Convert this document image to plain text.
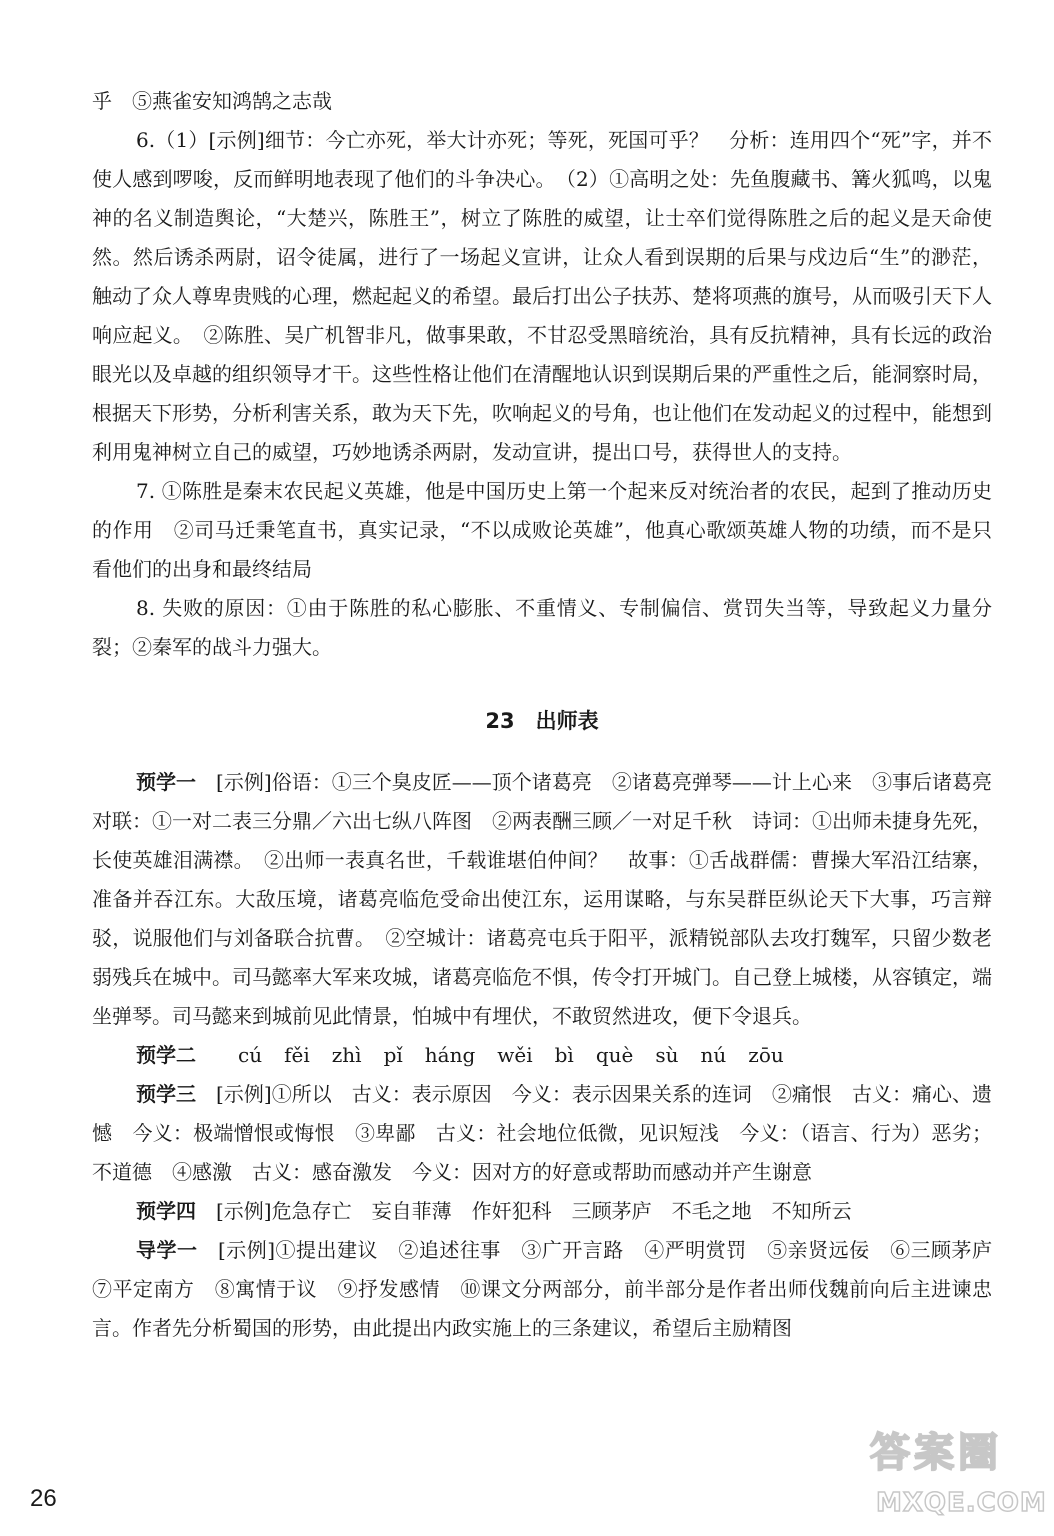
乎　⑤燕雀安知鸿鹄之志哉

6.（1）[示例]细节：今亡亦死，举大计亦死；等死，死国可乎？　分析：连用四个“死”字，并不使人感到啰唆，反而鲜明地表现了他们的斗争决心。　（2）①高明之处：先鱼腹藏书、篝火狐鸣，以鬼神的名义制造舆论，“大楚兴，陈胜王”，树立了陈胜的威望，让士卒们觉得陈胜之后的起义是天命使然。然后诱杀两尉，诏令徒属，进行了一场起义宣讲，让众人看到误期的后果与戍边后“生”的渺茫，触动了众人尊卑贵贱的心理，燃起起义的希望。最后打出公子扶苏、楚将项燕的旗号，从而吸引天下人响应起义。　②陈胜、吴广机智非凡，做事果敢，不甘忍受黑暗统治，具有反抗精神，具有长远的政治眼光以及卓越的组织领导才干。这些性格让他们在清醒地认识到误期后果的严重性之后，能洞察时局，根据天下形势，分析利害关系，敢为天下先，吹响起义的号角，也让他们在发动起义的过程中，能想到利用鬼神树立自己的威望，巧妙地诱杀两尉，发动宣讲，提出口号，获得世人的支持。

7. ①陈胜是秦末农民起义英雄，他是中国历史上第一个起来反对统治者的农民，起到了推动历史的作用　②司马迁秉笔直书，真实记录，“不以成败论英雄”，他真心歌颂英雄人物的功绩，而不是只看他们的出身和最终结局

8. 失败的原因：①由于陈胜的私心膨胀、不重情义、专制偏信、赏罚失当等，导致起义力量分裂；②秦军的战斗力强大。

23　出师表

预学一　 [示例]俗语：①三个臭皮匠——顶个诸葛亮　②诸葛亮弹琴——计上心来　③事后诸葛亮　对联：①一对二表三分鼎／六出七纵八阵图　②两表酬三顾／一对足千秋　诗词：①出师未捷身先死，长使英雄泪满襟。　②出师一表真名世，千载谁堪伯仲间？　故事：①舌战群儒：曹操大军沿江结寨，准备并吞江东。大敌压境，诸葛亮临危受命出使江东，运用谋略，与东吴群臣纵论天下大事，巧言辩驳，说服他们与刘备联合抗曹。　②空城计：诸葛亮屯兵于阳平，派精锐部队去攻打魏军，只留少数老弱残兵在城中。司马懿率大军来攻城，诸葛亮临危不惧，传令打开城门。自己登上城楼，从容镇定，端坐弹琴。司马懿来到城前见此情景，怕城中有埋伏，不敢贸然进攻，便下令退兵。

预学二　 cú fěi zhì pǐ háng wěi bì què sù nú zōu

预学三　 [示例]①所以　古义：表示原因　今义：表示因果关系的连词　②痛恨　古义：痛心、遗憾　今义：极端憎恨或悔恨　③卑鄙　古义：社会地位低微，见识短浅　今义：（语言、行为）恶劣；不道德　④感激　古义：感奋激发　今义：因对方的好意或帮助而感动并产生谢意

预学四　 [示例]危急存亡　妄自菲薄　作奸犯科　三顾茅庐　不毛之地　不知所云

导学一　 [示例]①提出建议　②追述往事　③广开言路　④严明赏罚　⑤亲贤远佞　⑥三顾茅庐　⑦平定南方　⑧寓情于议　⑨抒发感情　⑩课文分两部分，前半部分是作者出师伐魏前向后主进谏忠言。作者先分析蜀国的形势，由此提出内政实施上的三条建议，希望后主励精图

26
答案圈
MXQE.COM
